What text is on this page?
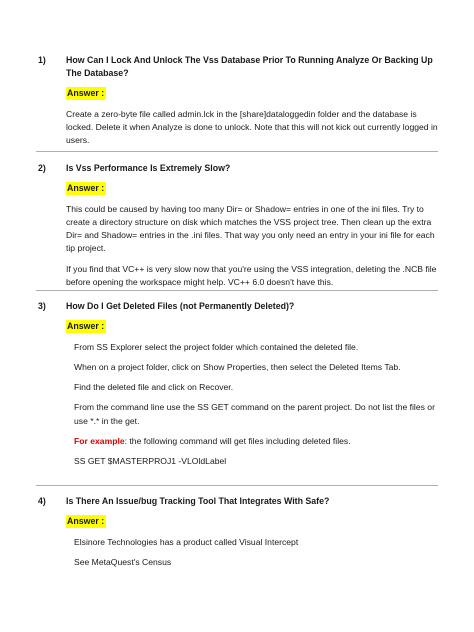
1)	How Can I Lock And Unlock The Vss Database Prior To Running Analyze Or Backing Up The Database?
Answer :

Create a zero-byte file called admin.lck in the [share]dataloggedin folder and the database is locked. Delete it when Analyze is done to unlock. Note that this will not kick out currently logged in users.

2)	Is Vss Performance Is Extremely Slow?
Answer :

This could be caused by having too many Dir= or Shadow= entries in one of the ini files. Try to create a directory structure on disk which matches the VSS project tree. Then clean up the extra Dir= and Shadow= entries in the .ini files. That way you only need an entry in your ini file for each tip project.

If you find that VC++ is very slow now that you're using the VSS integration, deleting the .NCB file before opening the workspace might help. VC++ 6.0 doesn't have this.

3)	How Do I Get Deleted Files (not Permanently Deleted)?
Answer :

From SS Explorer select the project folder which contained the deleted file.

When on a project folder, click on Show Properties, then select the Deleted Items Tab.

Find the deleted file and click on Recover.

From the command line use the SS GET command on the parent project. Do not list the files or use *.* in the get.

For example: the following command will get files including deleted files.

SS GET $MASTERPROJ1 -VLOldLabel

4)	Is There An Issue/bug Tracking Tool That Integrates With Safe?
Answer :

Elsinore Technologies has a product called Visual Intercept

See MetaQuest's Census
